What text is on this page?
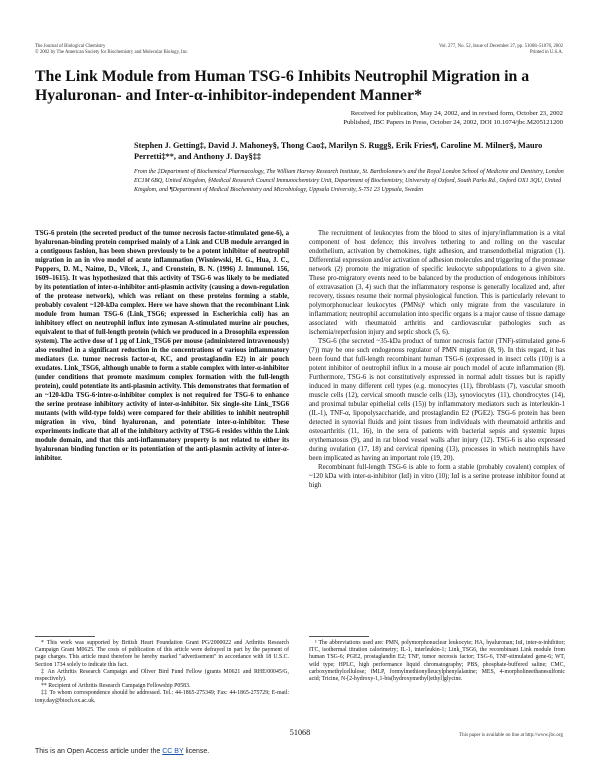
The Journal of Biological Chemistry
© 2002 by The American Society for Biochemistry and Molecular Biology, Inc.
Vol. 277, No. 52, Issue of December 27, pp. 51068–51076, 2002
Printed in U.S.A.
The Link Module from Human TSG-6 Inhibits Neutrophil Migration in a Hyaluronan- and Inter-α-inhibitor-independent Manner*
Received for publication, May 24, 2002, and in revised form, October 23, 2002
Published, JBC Papers in Press, October 24, 2002, DOI 10.1074/jbc.M205121200
Stephen J. Getting‡, David J. Mahoney§, Thong Cao‡, Marilyn S. Rugg§, Erik Fries¶, Caroline M. Milner§, Mauro Perretti‡**, and Anthony J. Day§‡‡
From the ‡Department of Biochemical Pharmacology, The William Harvey Research Institute, St. Bartholomew's and the Royal London School of Medicine and Dentistry, London EC1M 6BQ, United Kingdom, §Medical Research Council Immunochemistry Unit, Department of Biochemistry, University of Oxford, South Parks Rd., Oxford OX1 3QU, United Kingdom, and ¶Department of Medical Biochemistry and Microbiology, Uppsala University, S-751 23 Uppsala, Sweden

TSG-6 protein (the secreted product of the tumor necrosis factor-stimulated gene-6), a hyaluronan-binding protein comprised mainly of a Link and CUB module arranged in a contiguous fashion, has been shown previously to be a potent inhibitor of neutrophil migration in an in vivo model of acute inflammation (Wisniewski, H. G., Hua, J. C., Poppers, D. M., Naime, D., Vilcek, J., and Cronstein, B. N. (1996) J. Immunol. 156, 1609–1615). It was hypothesized that this activity of TSG-6 was likely to be mediated by its potentiation of inter-α-inhibitor anti-plasmin activity (causing a down-regulation of the protease network), which was reliant on these proteins forming a stable, probably covalent ~120-kDa complex. Here we have shown that the recombinant Link module from human TSG-6 (Link_TSG6; expressed in Escherichia coli) has an inhibitory effect on neutrophil influx into zymosan A-stimulated murine air pouches, equivalent to that of full-length protein (which we produced in a Drosophila expression system). The active dose of 1 μg of Link_TSG6 per mouse (administered intravenously) also resulted in a significant reduction in the concentrations of various inflammatory mediators (i.e. tumor necrosis factor-α, KC, and prostaglandin E2) in air pouch exudates. Link_TSG6, although unable to form a stable complex with inter-α-inhibitor (under conditions that promote maximum complex formation with the full-length protein), could potentiate its anti-plasmin activity. This demonstrates that formation of an ~120-kDa TSG-6·inter-α-inhibitor complex is not required for TSG-6 to enhance the serine protease inhibitory activity of inter-α-inhibitor. Six single-site Link_TSG6 mutants (with wild-type folds) were compared for their abilities to inhibit neutrophil migration in vivo, bind hyaluronan, and potentiate inter-α-inhibitor. These experiments indicate that all of the inhibitory activity of TSG-6 resides within the Link module domain, and that this anti-inflammatory property is not related to either its hyaluronan binding function or its potentiation of the anti-plasmin activity of inter-α-inhibitor.

The recruitment of leukocytes from the blood to sites of injury/inflammation is a vital component of host defence; this involves tethering to and rolling on the vascular endothelium, activation by chemokines, tight adhesion, and transendothelial migration (1). Differential expression and/or activation of adhesion molecules and triggering of the protease network (2) promote the migration of specific leukocyte subpopulations to a given site. These pro-migratory events need to be balanced by the production of endogenous inhibitors of extravasation (3, 4) such that the inflammatory response is generally localized and, after recovery, tissues resume their normal physiological function. This is particularly relevant to polymorphonuclear leukocytes (PMNs)¹ which only migrate from the vasculature in inflammation; neutrophil accumulation into specific organs is a major cause of tissue damage associated with rheumatoid arthritis and cardiovascular pathologies such as ischemia/reperfusion injury and septic shock (5, 6).

TSG-6 (the secreted ~35-kDa product of tumor necrosis factor (TNF)-stimulated gene-6 (7)) may be one such endogenous regulator of PMN migration (8, 9). In this regard, it has been found that full-length recombinant human TSG-6 (expressed in insect cells (10)) is a potent inhibitor of neutrophil influx in a mouse air pouch model of acute inflammation (8). Furthermore, TSG-6 is not constitutively expressed in normal adult tissues but is rapidly induced in many different cell types (e.g. monocytes (11), fibroblasts (7), vascular smooth muscle cells (12), cervical smooth muscle cells (13), synoviocytes (11), chondrocytes (14), and proximal tubular epithelial cells (15)) by inflammatory mediators such as interleukin-1 (IL-1), TNF-α, lipopolysaccharide, and prostaglandin E2 (PGE2). TSG-6 protein has been detected in synovial fluids and joint tissues from individuals with rheumatoid arthritis and osteoarthritis (11, 16), in the sera of patients with bacterial sepsis and systemic lupus erythematosus (9), and in rat blood vessel walls after injury (12). TSG-6 is also expressed during ovulation (17, 18) and cervical ripening (13), processes in which neutrophils have been implicated as having an important role (19, 20).

Recombinant full-length TSG-6 is able to form a stable (probably covalent) complex of ~120 kDa with inter-α-inhibitor (IαI) in vitro (10); IαI is a serine protease inhibitor found at high

* This work was supported by British Heart Foundation Grant PG/2000022 and Arthritis Research Campaign Grant M0625. The costs of publication of this article were defrayed in part by the payment of page charges. This article must therefore be hereby marked "advertisement" in accordance with 18 U.S.C. Section 1734 solely to indicate this fact.

‡ An Arthritis Research Campaign and Oliver Bird Fund Fellow (grants M0621 and RHE/00045/G, respectively).

** Recipient of Arthritis Research Campaign Fellowship P0583.

‡‡ To whom correspondence should be addressed. Tel.: 44-1865-275349; Fax: 44-1865-275729; E-mail: tony.day@bioch.ox.ac.uk.

¹ The abbreviations used are: PMN, polymorphonuclear leukocyte; HA, hyaluronan; IαI, inter-α-inhibitor; ITC, isothermal titration calorimetry; IL-1, interleukin-1; Link_TSG6, the recombinant Link module from human TSG-6; PGE2, prostaglandin E2; TNF, tumor necrosis factor; TSG-6, TNF-stimulated gene-6; WT, wild type; HPLC, high performance liquid chromatography; PBS, phosphate-buffered saline; CMC, carboxymethylcellulose; fMLP, formylmethionylleucylphenylalanine; MES, 4-morpholineethanesulfonic acid; Tricine, N-[2-hydroxy-1,1-bis(hydroxymethyl)ethyl]glycine.

51068	This paper is available on line at http://www.jbc.org
This is an Open Access article under the CC BY license.
